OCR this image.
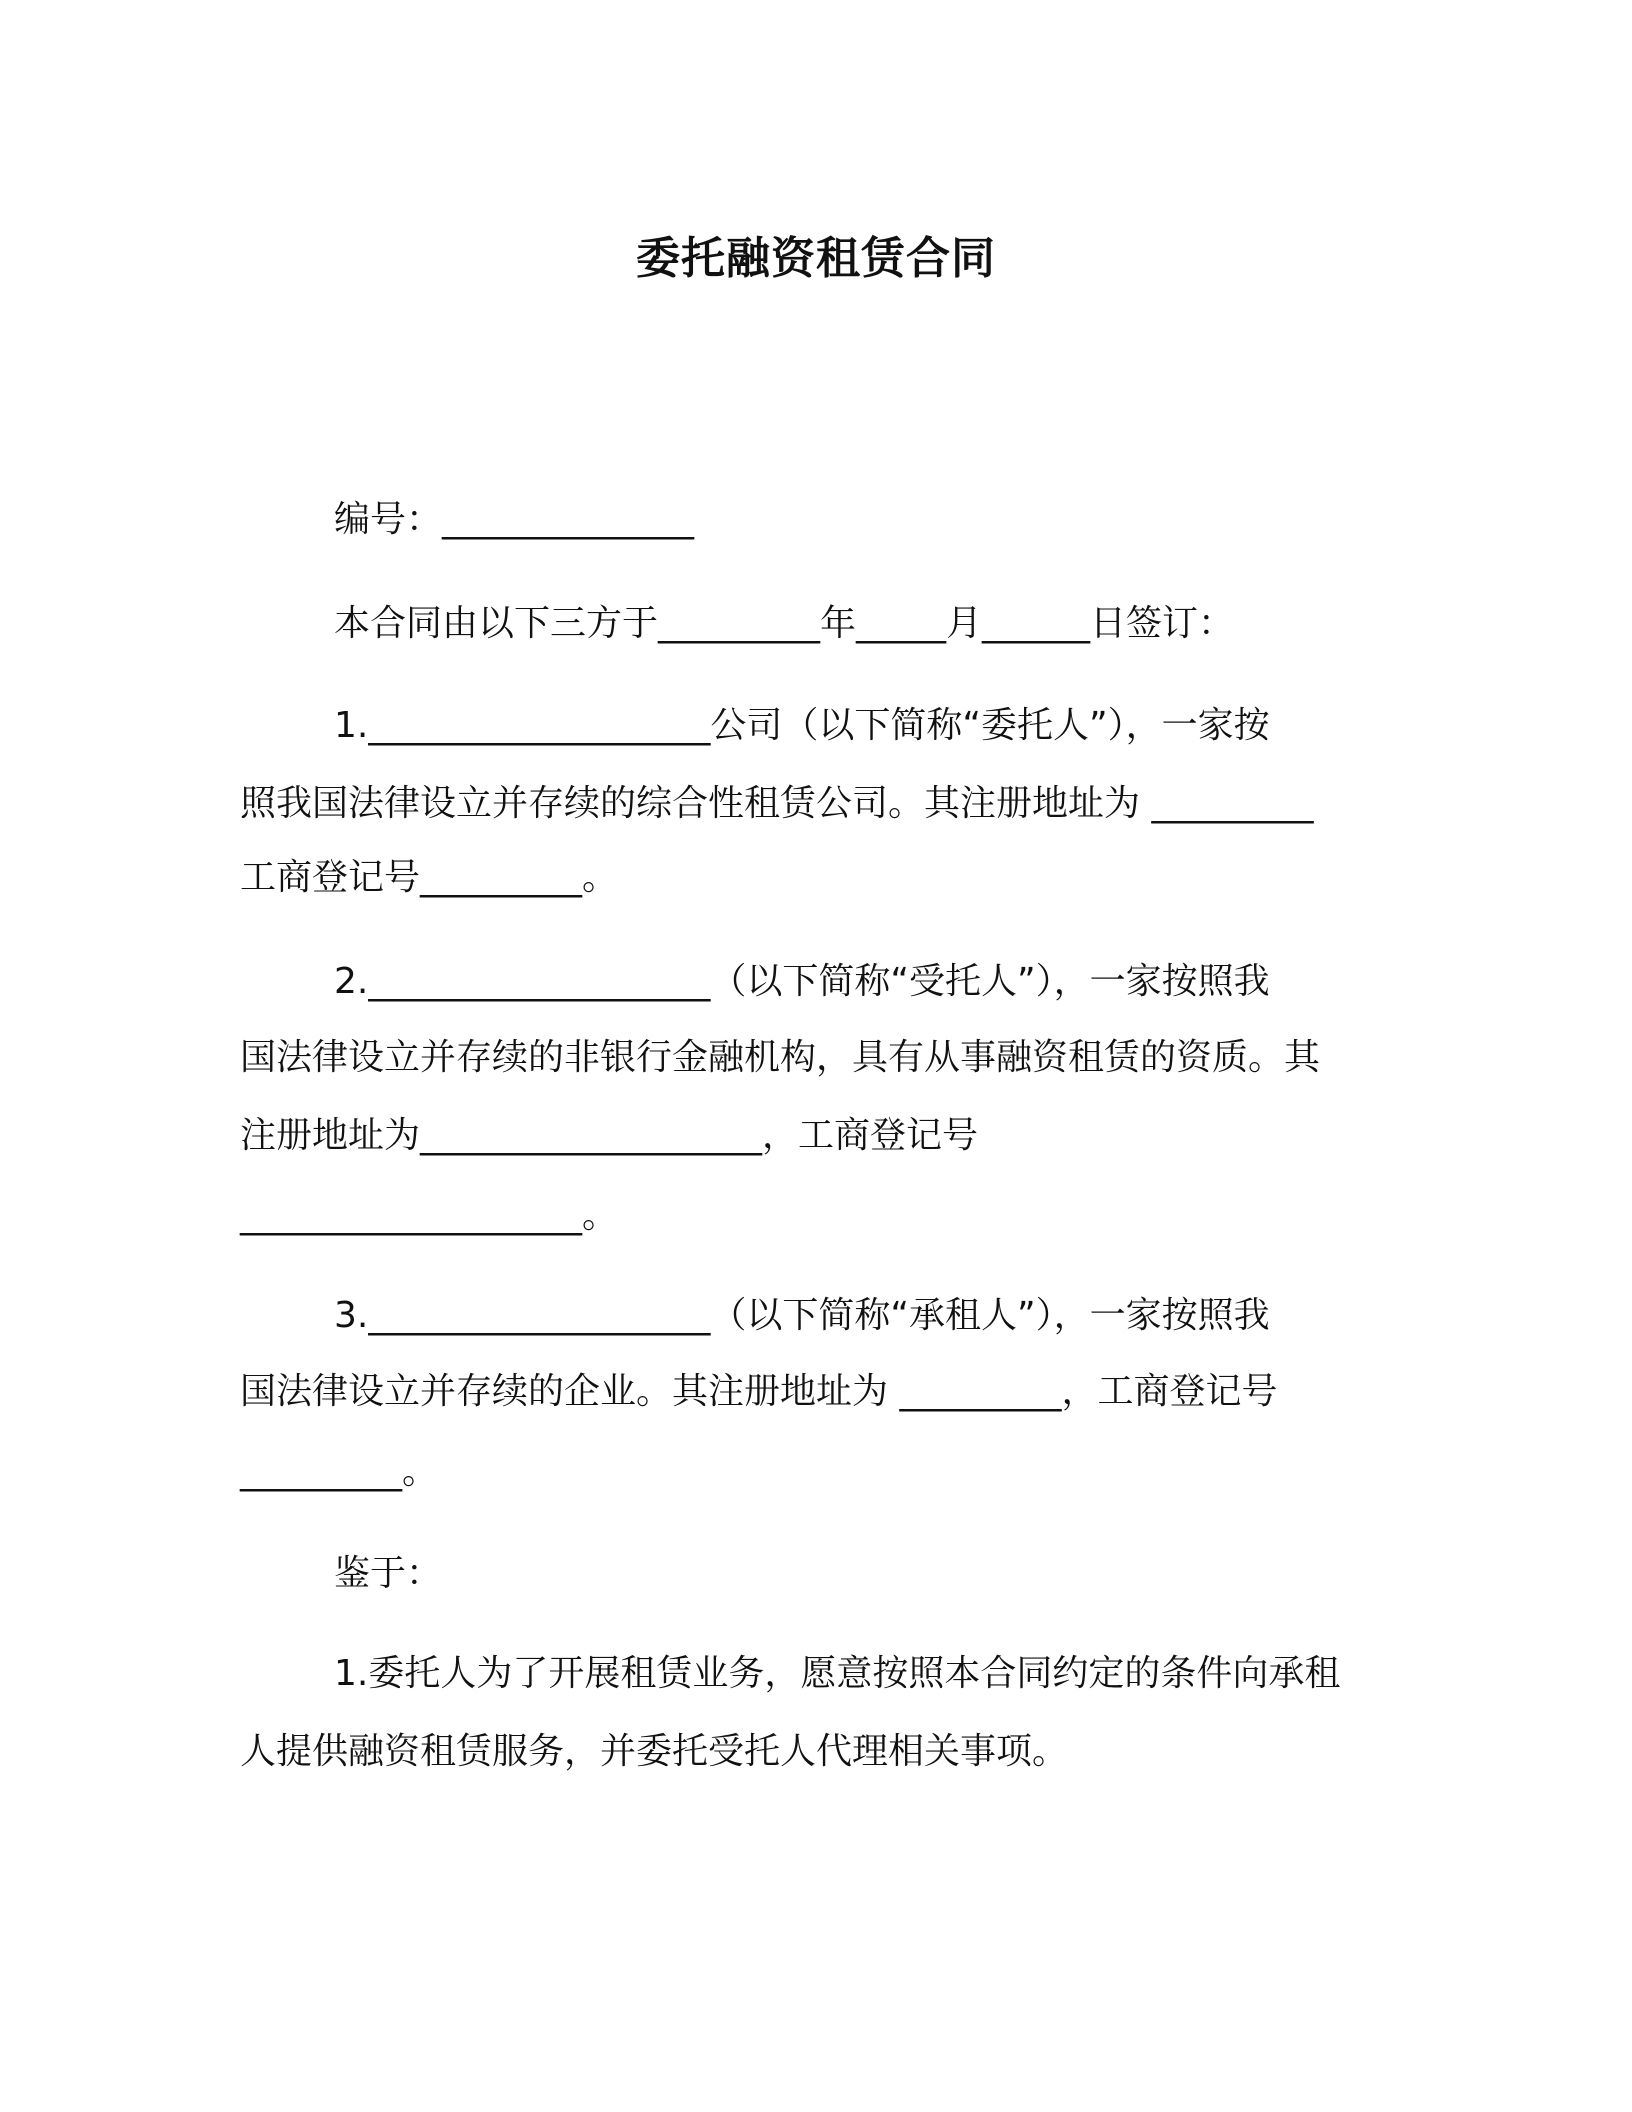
委托融资租赁合同
编号：______________
本合同由以下三方于_________年_____月______日签订：
1.___________________公司（以下简称“委托人”），一家按
照我国法律设立并存续的综合性租赁公司。其注册地址为 _________
工商登记号_________。
2.___________________（以下简称“受托人”），一家按照我
国法律设立并存续的非银行金融机构，具有从事融资租赁的资质。其
注册地址为___________________，工商登记号
___________________。
3.___________________（以下简称“承租人”），一家按照我
国法律设立并存续的企业。其注册地址为 _________，工商登记号
_________。
鉴于：
1.委托人为了开展租赁业务，愿意按照本合同约定的条件向承租
人提供融资租赁服务，并委托受托人代理相关事项。
